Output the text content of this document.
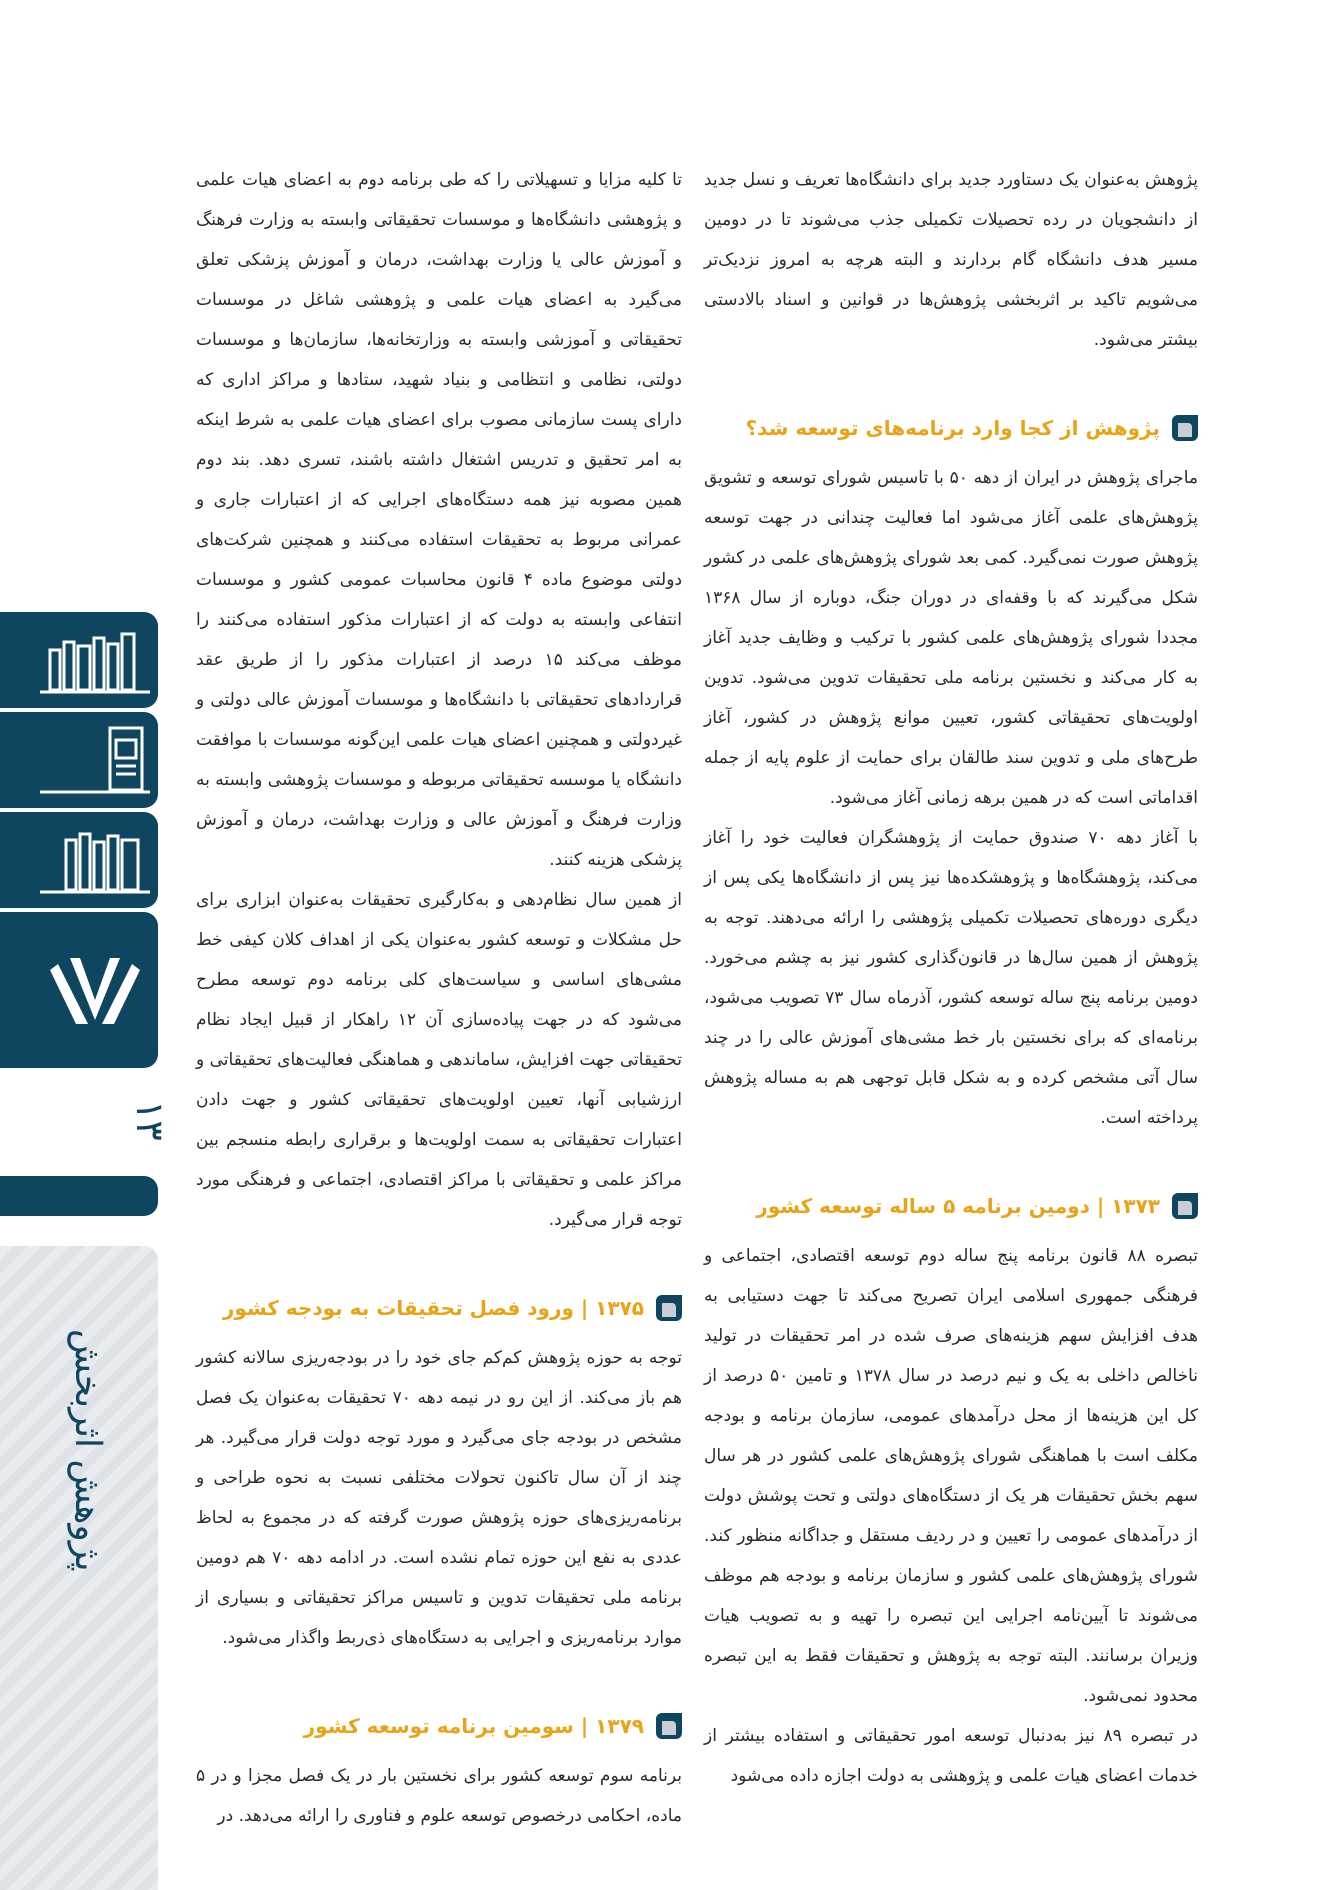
۱۳
پژوهش اثربخش

پژوهش به‌عنوان یک دستاورد جدید برای دانشگاه‌ها تعریف و نسل جدید از دانشجویان در رده تحصیلات تکمیلی جذب می‌شوند تا در دومین مسیر هدف دانشگاه گام بردارند و البته هرچه به امروز نزدیک‌تر می‌شویم تاکید بر اثربخشی پژوهش‌ها در قوانین و اسناد بالادستی بیشتر می‌شود.

پژوهش از کجا وارد برنامه‌های توسعه شد؟

ماجرای پژوهش در ایران از دهه ۵۰ با تاسیس شورای توسعه و تشویق پژوهش‌های علمی آغاز می‌شود اما فعالیت چندانی در جهت توسعه پژوهش صورت نمی‌گیرد. کمی بعد شورای پژوهش‌های علمی در کشور شکل می‌گیرند که با وقفه‌ای در دوران جنگ، دوباره از سال ۱۳۶۸ مجددا شورای پژوهش‌های علمی کشور با ترکیب و وظایف جدید آغاز به کار می‌کند و نخستین برنامه ملی تحقیقات تدوین می‌شود. تدوین اولویت‌های تحقیقاتی کشور، تعیین موانع پژوهش در کشور، آغاز طرح‌های ملی و تدوین سند طالقان برای حمایت از علوم پایه از جمله اقداماتی است که در همین برهه زمانی آغاز می‌شود.

با آغاز دهه ۷۰ صندوق حمایت از پژوهشگران فعالیت خود را آغاز می‌کند، پژوهشگاه‌ها و پژوهشکده‌ها نیز پس از دانشگاه‌ها یکی پس از دیگری دوره‌های تحصیلات تکمیلی پژوهشی را ارائه می‌دهند. توجه به پژوهش از همین سال‌ها در قانون‌گذاری کشور نیز به چشم می‌خورد. دومین برنامه پنج ساله توسعه کشور، آذرماه سال ۷۳ تصویب می‌شود، برنامه‌ای که برای نخستین بار خط مشی‌های آموزش عالی را در چند سال آتی مشخص کرده و به شکل قابل توجهی هم به مساله پژوهش پرداخته است.

۱۳۷۳ | دومین برنامه ۵ ساله توسعه کشور

تبصره ۸۸ قانون برنامه پنج ساله دوم توسعه اقتصادی، اجتماعی و فرهنگی جمهوری اسلامی ایران تصریح می‌کند تا جهت دستیابی به هدف افزایش سهم هزینه‌های صرف شده در امر تحقیقات در تولید ناخالص داخلی به یک و نیم درصد در سال ۱۳۷۸ و تامین ۵۰ درصد از کل این هزینه‌ها از محل درآمدهای عمومی، سازمان برنامه و بودجه مکلف است با هماهنگی شورای پژوهش‌های علمی کشور در هر سال سهم بخش تحقیقات هر یک از دستگاه‌های دولتی و تحت پوشش دولت از درآمدهای عمومی را تعیین و در ردیف مستقل و جداگانه منظور کند. شورای پژوهش‌های علمی کشور و سازمان برنامه و بودجه هم موظف می‌شوند تا آیین‌نامه اجرایی این تبصره را تهیه و به تصویب هیات وزیران برسانند. البته توجه به پژوهش و تحقیقات فقط به این تبصره محدود نمی‌شود.

در تبصره ۸۹ نیز به‌دنبال توسعه امور تحقیقاتی و استفاده بیشتر از خدمات اعضای هیات علمی و پژوهشی به دولت اجازه داده می‌شود

تا کلیه مزایا و تسهیلاتی را که طی برنامه دوم به اعضای هیات علمی و پژوهشی دانشگاه‌ها و موسسات تحقیقاتی وابسته به وزارت فرهنگ و آموزش عالی یا وزارت بهداشت، درمان و آموزش پزشکی تعلق می‌گیرد به اعضای هیات علمی و پژوهشی شاغل در موسسات تحقیقاتی و آموزشی وابسته به وزارتخانه‌ها، سازمان‌ها و موسسات دولتی، نظامی و انتظامی و بنیاد شهید، ستادها و مراکز اداری که دارای پست سازمانی مصوب برای اعضای هیات علمی به شرط اینکه به امر تحقیق و تدریس اشتغال داشته باشند، تسری دهد. بند دوم همین مصوبه نیز همه دستگاه‌های اجرایی که از اعتبارات جاری و عمرانی مربوط به تحقیقات استفاده می‌کنند و همچنین شرکت‌های دولتی موضوع ماده ۴ قانون محاسبات عمومی کشور و موسسات انتفاعی وابسته به دولت که از اعتبارات مذکور استفاده می‌کنند را موظف می‌کند ۱۵ درصد از اعتبارات مذکور را از طریق عقد قراردادهای تحقیقاتی با دانشگاه‌ها و موسسات آموزش عالی دولتی و غیردولتی و همچنین اعضای هیات علمی این‌گونه موسسات با موافقت دانشگاه یا موسسه تحقیقاتی مربوطه و موسسات پژوهشی وابسته به وزارت فرهنگ و آموزش عالی و وزارت بهداشت، درمان و آموزش پزشکی هزینه کنند.

از همین سال نظام‌دهی و به‌کارگیری تحقیقات به‌عنوان ابزاری برای حل مشکلات و توسعه کشور به‌عنوان یکی از اهداف کلان کیفی خط مشی‌های اساسی و سیاست‌های کلی برنامه دوم توسعه مطرح می‌شود که در جهت پیاده‌سازی آن ۱۲ راهکار از قبیل ایجاد نظام تحقیقاتی جهت افزایش، ساماندهی و هماهنگی فعالیت‌های تحقیقاتی و ارزشیابی آنها، تعیین اولویت‌های تحقیقاتی کشور و جهت دادن اعتبارات تحقیقاتی به سمت اولویت‌ها و برقراری رابطه منسجم بین مراکز علمی و تحقیقاتی با مراکز اقتصادی، اجتماعی و فرهنگی مورد توجه قرار می‌گیرد.

۱۳۷۵ | ورود فصل تحقیقات به بودجه کشور

توجه به حوزه پژوهش کم‌کم جای خود را در بودجه‌ریزی سالانه کشور هم باز می‌کند. از این رو در نیمه دهه ۷۰ تحقیقات به‌عنوان یک فصل مشخص در بودجه جای می‌گیرد و مورد توجه دولت قرار می‌گیرد. هر چند از آن سال تاکنون تحولات مختلفی نسبت به نحوه طراحی و برنامه‌ریزی‌های حوزه پژوهش صورت گرفته که در مجموع به لحاظ عددی به نفع این حوزه تمام نشده است. در ادامه دهه ۷۰ هم دومین برنامه ملی تحقیقات تدوین و تاسیس مراکز تحقیقاتی و بسیاری از موارد برنامه‌ریزی و اجرایی به دستگاه‌های ذی‌ربط واگذار می‌شود.

۱۳۷۹ | سومین برنامه توسعه کشور

برنامه سوم توسعه کشور برای نخستین بار در یک فصل مجزا و در ۵ ماده، احکامی درخصوص توسعه علوم و فناوری را ارائه می‌دهد. در
